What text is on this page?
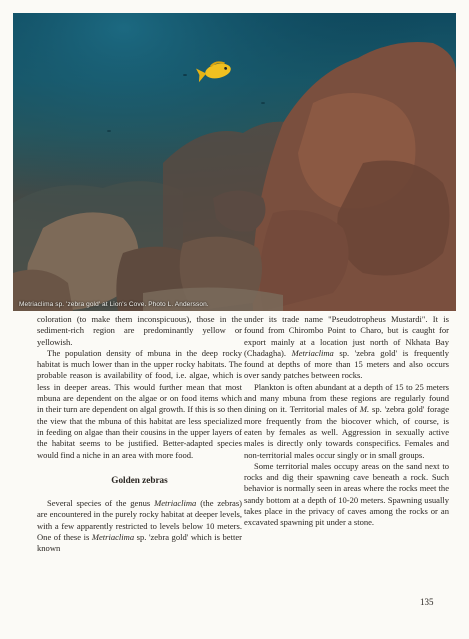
Metriaclima sp. 'zebra gold' at Lion's Cove. Photo L. Andersson.

coloration (to make them inconspicuous), those in the sediment-rich region are predominantly yellow or yellowish.

The population density of mbuna in the deep rocky habitat is much lower than in the upper rocky habitats. The probable reason is availability of food, i.e. algae, which is less in deeper areas. This would further mean that most mbuna are dependent on the algae or on food items which in their turn are dependent on algal growth. If this is so then the view that the mbuna of this habitat are less specialized in feeding on algae than their cousins in the upper layers of the habitat seems to be justified. Better-adapted species would find a niche in an area with more food.

Golden zebras

Several species of the genus Metriaclima (the zebras) are encountered in the purely rocky habitat at deeper levels, with a few apparently restricted to levels below 10 meters. One of these is Metriaclima sp. 'zebra gold' which is better known

under its trade name "Pseudotropheus Mustardi". It is found from Chirombo Point to Charo, but is caught for export mainly at a location just north of Nkhata Bay (Chadagha). Metriaclima sp. 'zebra gold' is frequently found at depths of more than 15 meters and also occurs over sandy patches between rocks.

Plankton is often abundant at a depth of 15 to 25 meters and many mbuna from these regions are regularly found dining on it. Territorial males of M. sp. 'zebra gold' forage more frequently from the biocover which, of course, is eaten by females as well. Aggression in sexually active males is directly only towards conspecifics. Females and non-territorial males occur singly or in small groups.

Some territorial males occupy areas on the sand next to rocks and dig their spawning cave beneath a rock. Such behavior is normally seen in areas where the rocks meet the sandy bottom at a depth of 10-20 meters. Spawning usually takes place in the privacy of caves among the rocks or an excavated spawning pit under a stone.

135
